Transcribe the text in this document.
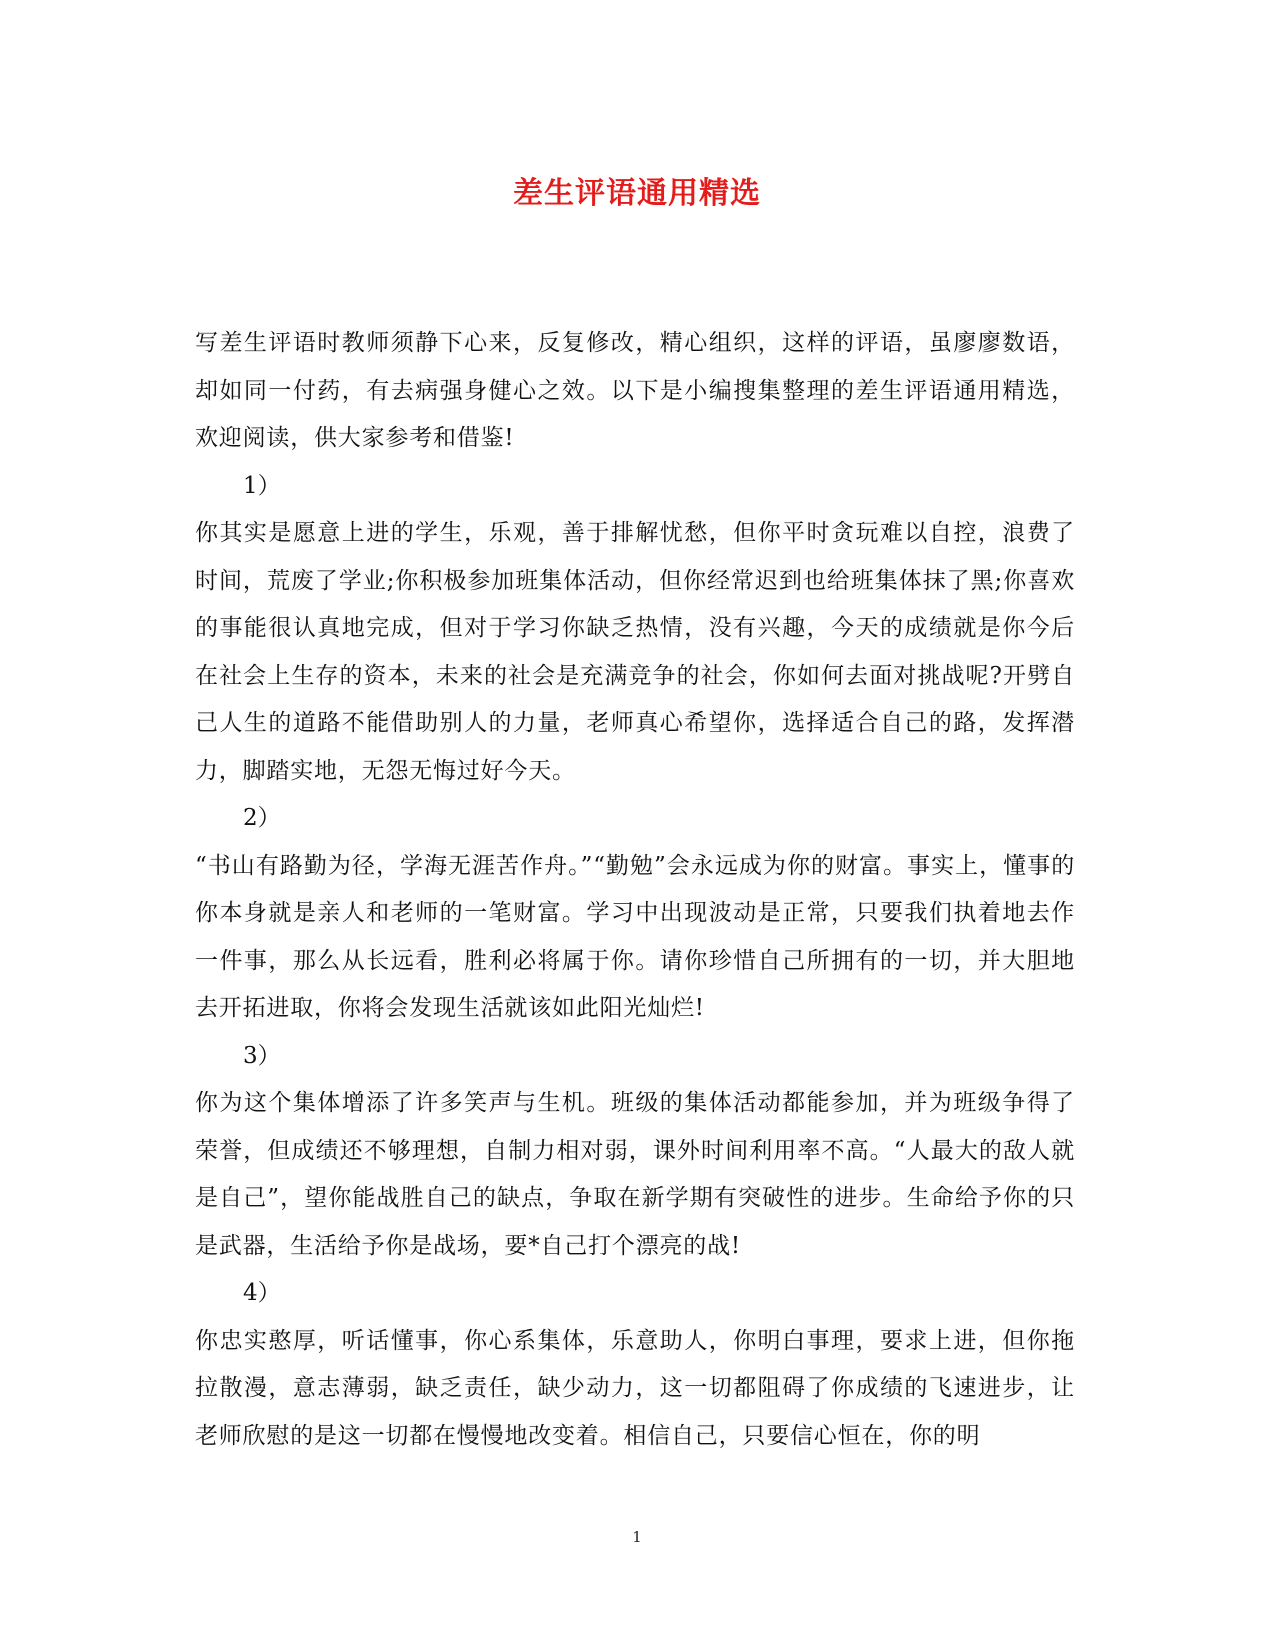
差生评语通用精选

写差生评语时教师须静下心来，反复修改，精心组织，这样的评语，虽廖廖数语，却如同一付药，有去病强身健心之效。以下是小编搜集整理的差生评语通用精选，欢迎阅读，供大家参考和借鉴!

1）

你其实是愿意上进的学生，乐观，善于排解忧愁，但你平时贪玩难以自控，浪费了时间，荒废了学业;你积极参加班集体活动，但你经常迟到也给班集体抹了黑;你喜欢的事能很认真地完成，但对于学习你缺乏热情，没有兴趣，今天的成绩就是你今后在社会上生存的资本，未来的社会是充满竞争的社会，你如何去面对挑战呢?开劈自己人生的道路不能借助别人的力量，老师真心希望你，选择适合自己的路，发挥潜力，脚踏实地，无怨无悔过好今天。

2）

“书山有路勤为径，学海无涯苦作舟。”“勤勉”会永远成为你的财富。事实上，懂事的你本身就是亲人和老师的一笔财富。学习中出现波动是正常，只要我们执着地去作一件事，那么从长远看，胜利必将属于你。请你珍惜自己所拥有的一切，并大胆地去开拓进取，你将会发现生活就该如此阳光灿烂!

3）

你为这个集体增添了许多笑声与生机。班级的集体活动都能参加，并为班级争得了荣誉，但成绩还不够理想，自制力相对弱，课外时间利用率不高。“人最大的敌人就是自己”，望你能战胜自己的缺点，争取在新学期有突破性的进步。生命给予你的只是武器，生活给予你是战场，要*自己打个漂亮的战!

4）

你忠实憨厚，听话懂事，你心系集体，乐意助人，你明白事理，要求上进，但你拖拉散漫，意志薄弱，缺乏责任，缺少动力，这一切都阻碍了你成绩的飞速进步，让老师欣慰的是这一切都在慢慢地改变着。相信自己，只要信心恒在，你的明

1
